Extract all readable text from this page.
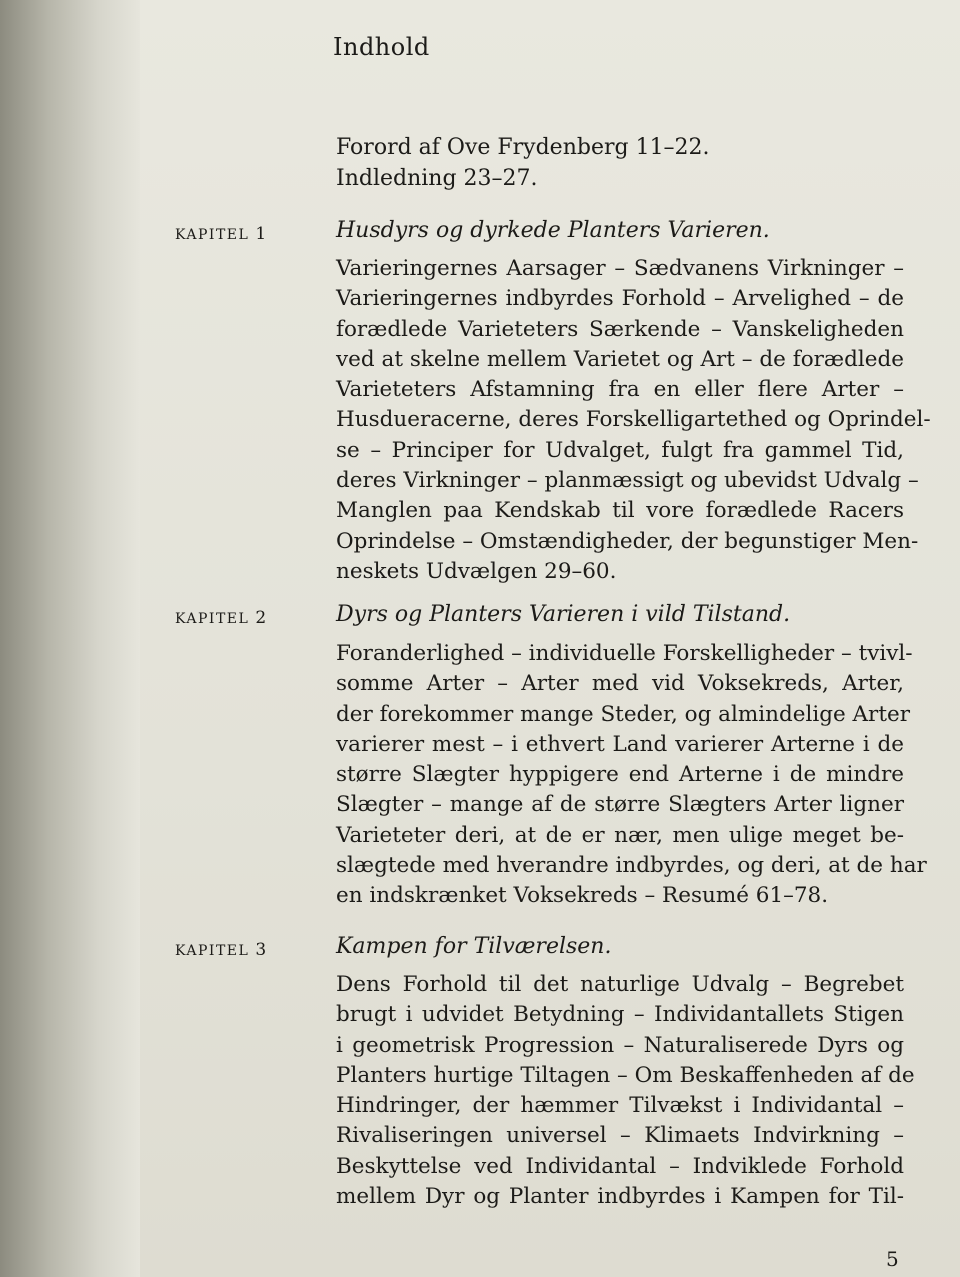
Indhold
Forord af Ove Frydenberg 11–22.
Indledning 23–27.
KAPITEL 1	Husdyrs og dyrkede Planters Varieren.
Varieringernes Aarsager – Sædvanens Virkninger –
Varieringernes indbyrdes Forhold – Arvelighed – de
forædlede Varieteters Særkende – Vanskeligheden
ved at skelne mellem Varietet og Art – de forædlede
Varieteters Afstamning fra en eller flere Arter –
Husdueracerne, deres Forskelligartethed og Oprindel-
se – Principer for Udvalget, fulgt fra gammel Tid,
deres Virkninger – planmæssigt og ubevidst Udvalg –
Manglen paa Kendskab til vore forædlede Racers
Oprindelse – Omstændigheder, der begunstiger Men-
neskets Udvælgen 29–60.
KAPITEL 2	Dyrs og Planters Varieren i vild Tilstand.
Foranderlighed – individuelle Forskelligheder – tvivl-
somme Arter – Arter med vid Voksekreds, Arter,
der forekommer mange Steder, og almindelige Arter
varierer mest – i ethvert Land varierer Arterne i de
større Slægter hyppigere end Arterne i de mindre
Slægter – mange af de større Slægters Arter ligner
Varieteter deri, at de er nær, men ulige meget be-
slægtede med hverandre indbyrdes, og deri, at de har
en indskrænket Voksekreds – Resumé 61–78.
KAPITEL 3	Kampen for Tilværelsen.
Dens Forhold til det naturlige Udvalg – Begrebet
brugt i udvidet Betydning – Individantallets Stigen
i geometrisk Progression – Naturaliserede Dyrs og
Planters hurtige Tiltagen – Om Beskaffenheden af de
Hindringer, der hæmmer Tilvækst i Individantal –
Rivaliseringen universel – Klimaets Indvirkning –
Beskyttelse ved Individantal – Indviklede Forhold
mellem Dyr og Planter indbyrdes i Kampen for Til-
5
